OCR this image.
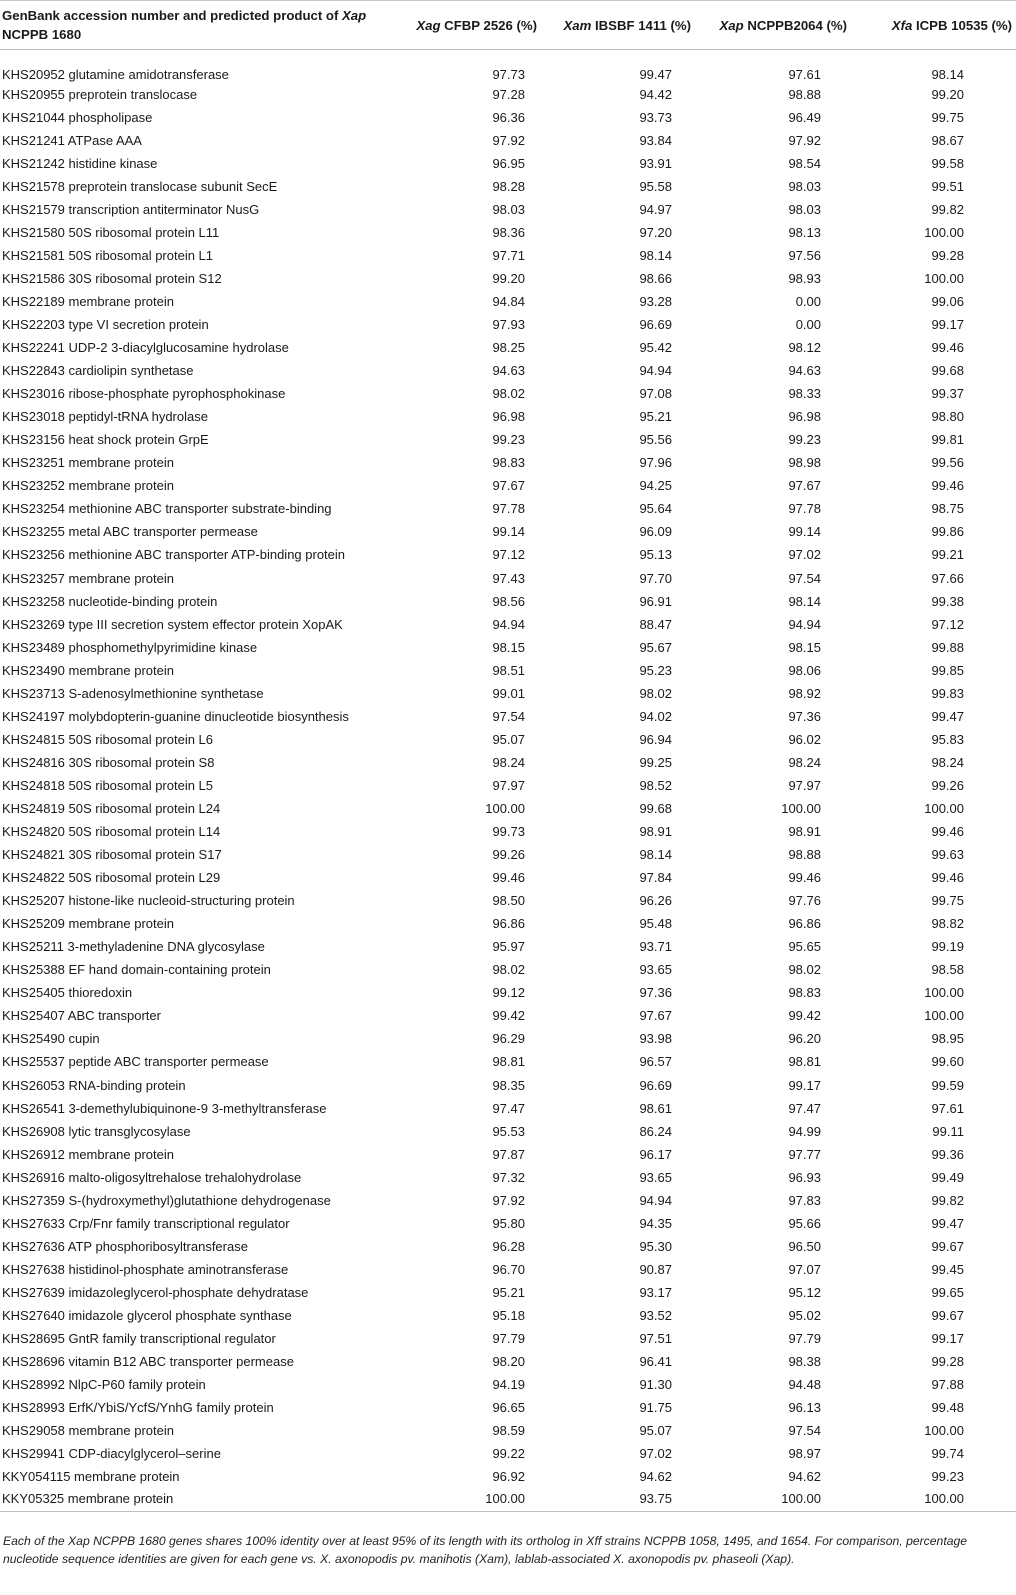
GenBank accession number and predicted product of Xap
NCPPB 1680	Xag CFBP 2526 (%)	Xam IBSBF 1411 (%)	Xap NCPPB2064 (%)	Xfa ICPB 10535 (%)
KHS20952 glutamine amidotransferase	97.73	99.47	97.61	98.14
KHS20955 preprotein translocase	97.28	94.42	98.88	99.20
KHS21044 phospholipase	96.36	93.73	96.49	99.75
KHS21241 ATPase AAA	97.92	93.84	97.92	98.67
KHS21242 histidine kinase	96.95	93.91	98.54	99.58
KHS21578 preprotein translocase subunit SecE	98.28	95.58	98.03	99.51
KHS21579 transcription antiterminator NusG	98.03	94.97	98.03	99.82
KHS21580 50S ribosomal protein L11	98.36	97.20	98.13	100.00
KHS21581 50S ribosomal protein L1	97.71	98.14	97.56	99.28
KHS21586 30S ribosomal protein S12	99.20	98.66	98.93	100.00
KHS22189 membrane protein	94.84	93.28	0.00	99.06
KHS22203 type VI secretion protein	97.93	96.69	0.00	99.17
KHS22241 UDP-2 3-diacylglucosamine hydrolase	98.25	95.42	98.12	99.46
KHS22843 cardiolipin synthetase	94.63	94.94	94.63	99.68
KHS23016 ribose-phosphate pyrophosphokinase	98.02	97.08	98.33	99.37
KHS23018 peptidyl-tRNA hydrolase	96.98	95.21	96.98	98.80
KHS23156 heat shock protein GrpE	99.23	95.56	99.23	99.81
KHS23251 membrane protein	98.83	97.96	98.98	99.56
KHS23252 membrane protein	97.67	94.25	97.67	99.46
KHS23254 methionine ABC transporter substrate-binding	97.78	95.64	97.78	98.75
KHS23255 metal ABC transporter permease	99.14	96.09	99.14	99.86
KHS23256 methionine ABC transporter ATP-binding protein	97.12	95.13	97.02	99.21
KHS23257 membrane protein	97.43	97.70	97.54	97.66
KHS23258 nucleotide-binding protein	98.56	96.91	98.14	99.38
KHS23269 type III secretion system effector protein XopAK	94.94	88.47	94.94	97.12
KHS23489 phosphomethylpyrimidine kinase	98.15	95.67	98.15	99.88
KHS23490 membrane protein	98.51	95.23	98.06	99.85
KHS23713 S-adenosylmethionine synthetase	99.01	98.02	98.92	99.83
KHS24197 molybdopterin-guanine dinucleotide biosynthesis	97.54	94.02	97.36	99.47
KHS24815 50S ribosomal protein L6	95.07	96.94	96.02	95.83
KHS24816 30S ribosomal protein S8	98.24	99.25	98.24	98.24
KHS24818 50S ribosomal protein L5	97.97	98.52	97.97	99.26
KHS24819 50S ribosomal protein L24	100.00	99.68	100.00	100.00
KHS24820 50S ribosomal protein L14	99.73	98.91	98.91	99.46
KHS24821 30S ribosomal protein S17	99.26	98.14	98.88	99.63
KHS24822 50S ribosomal protein L29	99.46	97.84	99.46	99.46
KHS25207 histone-like nucleoid-structuring protein	98.50	96.26	97.76	99.75
KHS25209 membrane protein	96.86	95.48	96.86	98.82
KHS25211 3-methyladenine DNA glycosylase	95.97	93.71	95.65	99.19
KHS25388 EF hand domain-containing protein	98.02	93.65	98.02	98.58
KHS25405 thioredoxin	99.12	97.36	98.83	100.00
KHS25407 ABC transporter	99.42	97.67	99.42	100.00
KHS25490 cupin	96.29	93.98	96.20	98.95
KHS25537 peptide ABC transporter permease	98.81	96.57	98.81	99.60
KHS26053 RNA-binding protein	98.35	96.69	99.17	99.59
KHS26541 3-demethylubiquinone-9 3-methyltransferase	97.47	98.61	97.47	97.61
KHS26908 lytic transglycosylase	95.53	86.24	94.99	99.11
KHS26912 membrane protein	97.87	96.17	97.77	99.36
KHS26916 malto-oligosyltrehalose trehalohydrolase	97.32	93.65	96.93	99.49
KHS27359 S-(hydroxymethyl)glutathione dehydrogenase	97.92	94.94	97.83	99.82
KHS27633 Crp/Fnr family transcriptional regulator	95.80	94.35	95.66	99.47
KHS27636 ATP phosphoribosyltransferase	96.28	95.30	96.50	99.67
KHS27638 histidinol-phosphate aminotransferase	96.70	90.87	97.07	99.45
KHS27639 imidazoleglycerol-phosphate dehydratase	95.21	93.17	95.12	99.65
KHS27640 imidazole glycerol phosphate synthase	95.18	93.52	95.02	99.67
KHS28695 GntR family transcriptional regulator	97.79	97.51	97.79	99.17
KHS28696 vitamin B12 ABC transporter permease	98.20	96.41	98.38	99.28
KHS28992 NlpC-P60 family protein	94.19	91.30	94.48	97.88
KHS28993 ErfK/YbiS/YcfS/YnhG family protein	96.65	91.75	96.13	99.48
KHS29058 membrane protein	98.59	95.07	97.54	100.00
KHS29941 CDP-diacylglycerol–serine	99.22	97.02	98.97	99.74
KKY054115 membrane protein	96.92	94.62	94.62	99.23
KKY05325 membrane protein	100.00	93.75	100.00	100.00
Each of the Xap NCPPB 1680 genes shares 100% identity over at least 95% of its length with its ortholog in Xff strains NCPPB 1058, 1495, and 1654. For comparison, percentage
nucleotide sequence identities are given for each gene vs. X. axonopodis pv. manihotis (Xam), lablab-associated X. axonopodis pv. phaseoli (Xap).
